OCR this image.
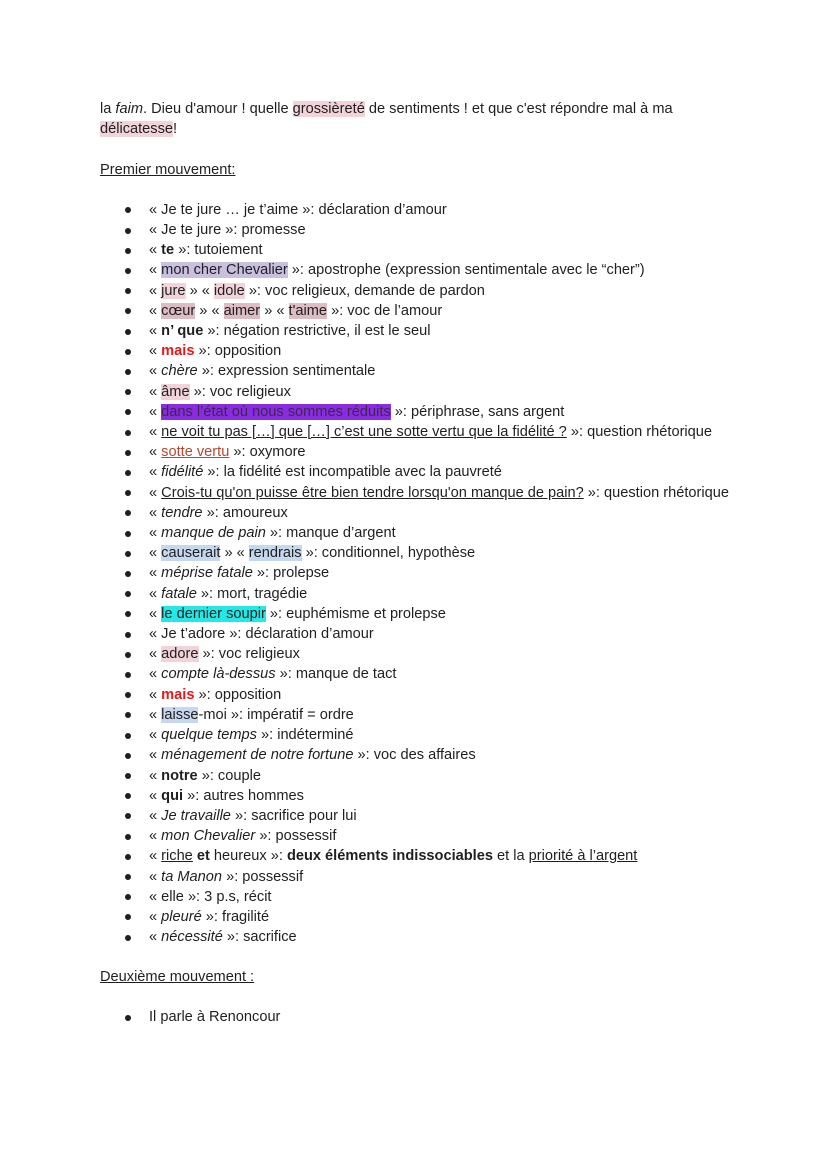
la faim. Dieu d'amour ! quelle grossièreté de sentiments ! et que c'est répondre mal à ma délicatesse!

Premier mouvement:

« Je te jure … je t’aime »: déclaration d’amour
« Je te jure »: promesse
« te »: tutoiement
« mon cher Chevalier »: apostrophe (expression sentimentale avec le “cher”)
« jure » « idole »: voc religieux, demande de pardon
« cœur » « aimer » « t'aime »: voc de l’amour
« n’ que »: négation restrictive, il est le seul
« mais »: opposition
« chère »: expression sentimentale
« âme »: voc religieux
« dans l’état où nous sommes réduits »: périphrase, sans argent
« ne voit tu pas […] que […] c’est une sotte vertu que la fidélité ? »: question rhétorique
« sotte vertu »: oxymore
« fidélité »: la fidélité est incompatible avec la pauvreté
« Crois-tu qu'on puisse être bien tendre lorsqu'on manque de pain? »: question rhétorique
« tendre »: amoureux
« manque de pain »: manque d’argent
« causerait » « rendrais »: conditionnel, hypothèse
« méprise fatale »: prolepse
« fatale »: mort, tragédie
« le dernier soupir »: euphémisme et prolepse
« Je t’adore »: déclaration d’amour
« adore »: voc religieux
« compte là-dessus »: manque de tact
« mais »: opposition
« laisse-moi »: impératif = ordre
« quelque temps »: indéterminé
« ménagement de notre fortune »: voc des affaires
« notre »: couple
« qui »: autres hommes
« Je travaille »: sacrifice pour lui
« mon Chevalier »: possessif
« riche et heureux »: deux éléments indissociables et la priorité à l’argent
« ta Manon »: possessif
« elle »: 3 p.s, récit
« pleuré »: fragilité
« nécessité »: sacrifice

Deuxième mouvement :

Il parle à Renoncour
